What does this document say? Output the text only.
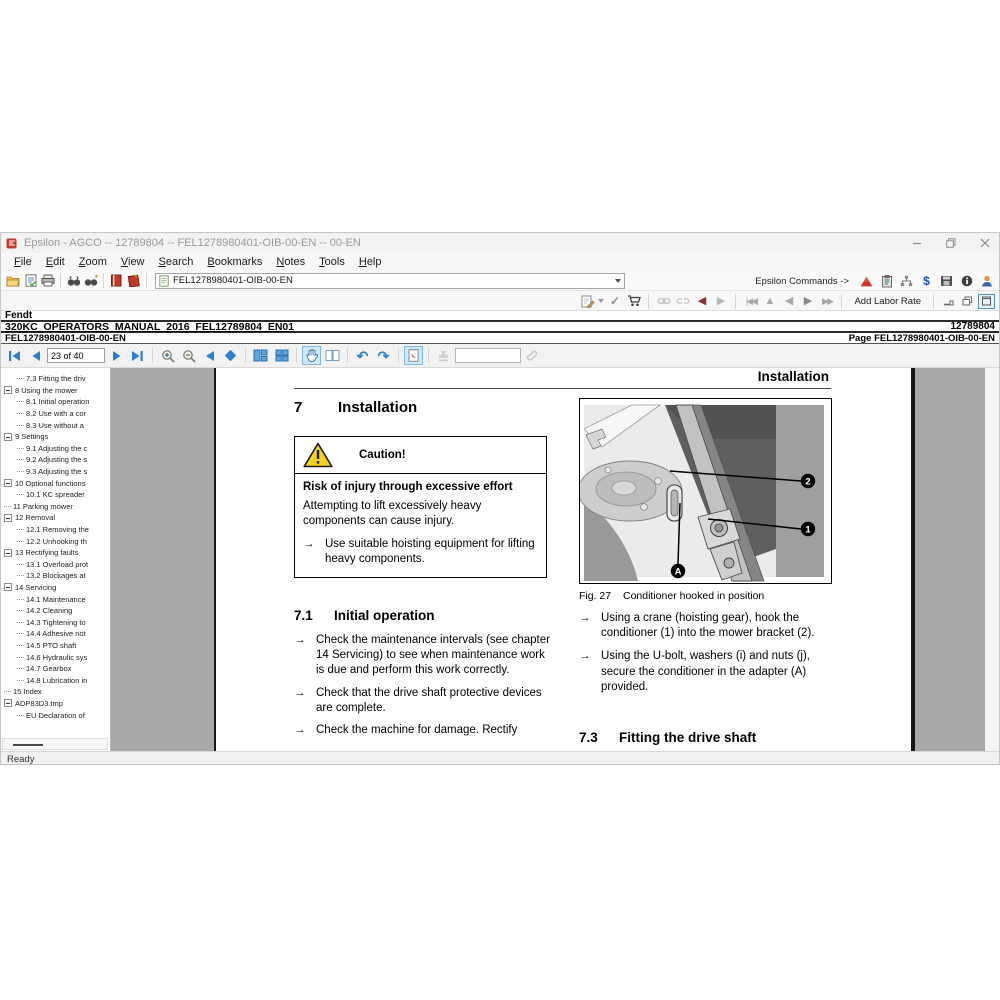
Epsilon - AGCO -- 12789804 -- FEL1278980401-OIB-00-EN -- 00-EN
File	Edit	Zoom	View	Search	Bookmarks	Notes	Tools	Help
FEL1278980401-OIB-00-EN	Epsilon Commands ->	$
✓	◀ ▶ |◀◀ ▲ ◀ ▶ ▶▶	Add Labor Rate
Fendt
320KC_OPERATORS_MANUAL_2016_FEL12789804_EN01	12789804
FEL1278980401-OIB-00-EN	Page FEL1278980401-OIB-00-EN
23 of 40
↶ ↷
7.3 Fitting the driv
8 Using the mower
8.1 Initial operation
8.2 Use with a cor
8.3 Use without a
9 Settings
9.1 Adjusting the c
9.2 Adjusting the s
9.3 Adjusting the s
10 Optional functions
10.1 KC spreader
11 Parking mower
12 Removal
12.1 Removing the
12.2 Unhooking th
13 Rectifying faults
13.1 Overload prot
13.2 Blockages at
14 Servicing
14.1 Maintenance
14.2 Cleaning
14.3 Tightening to
14.4 Adhesive not
14.5 PTO shaft
14.6 Hydraulic sys
14.7 Gearbox
14.8 Lubrication in
15 Index
ADP83D3.tmp
EU Declaration of
Installation
7	Installation
Caution!
Risk of injury through excessive effort
Attempting to lift excessively heavy components can cause injury.
→ Use suitable hoisting equipment for lifting heavy components.
7.1	Initial operation
→ Check the maintenance intervals (see chapter 14 Servicing) to see when maintenance work is due and perform this work correctly.
→ Check that the drive shaft protective devices are complete.
→ Check the machine for damage. Rectify
2
1
A
Fig. 27	Conditioner hooked in position
→ Using a crane (hoisting gear), hook the conditioner (1) into the mower bracket (2).
→ Using the U-bolt, washers (i) and nuts (j), secure the conditioner in the adapter (A) provided.
7.3	Fitting the drive shaft
Ready
